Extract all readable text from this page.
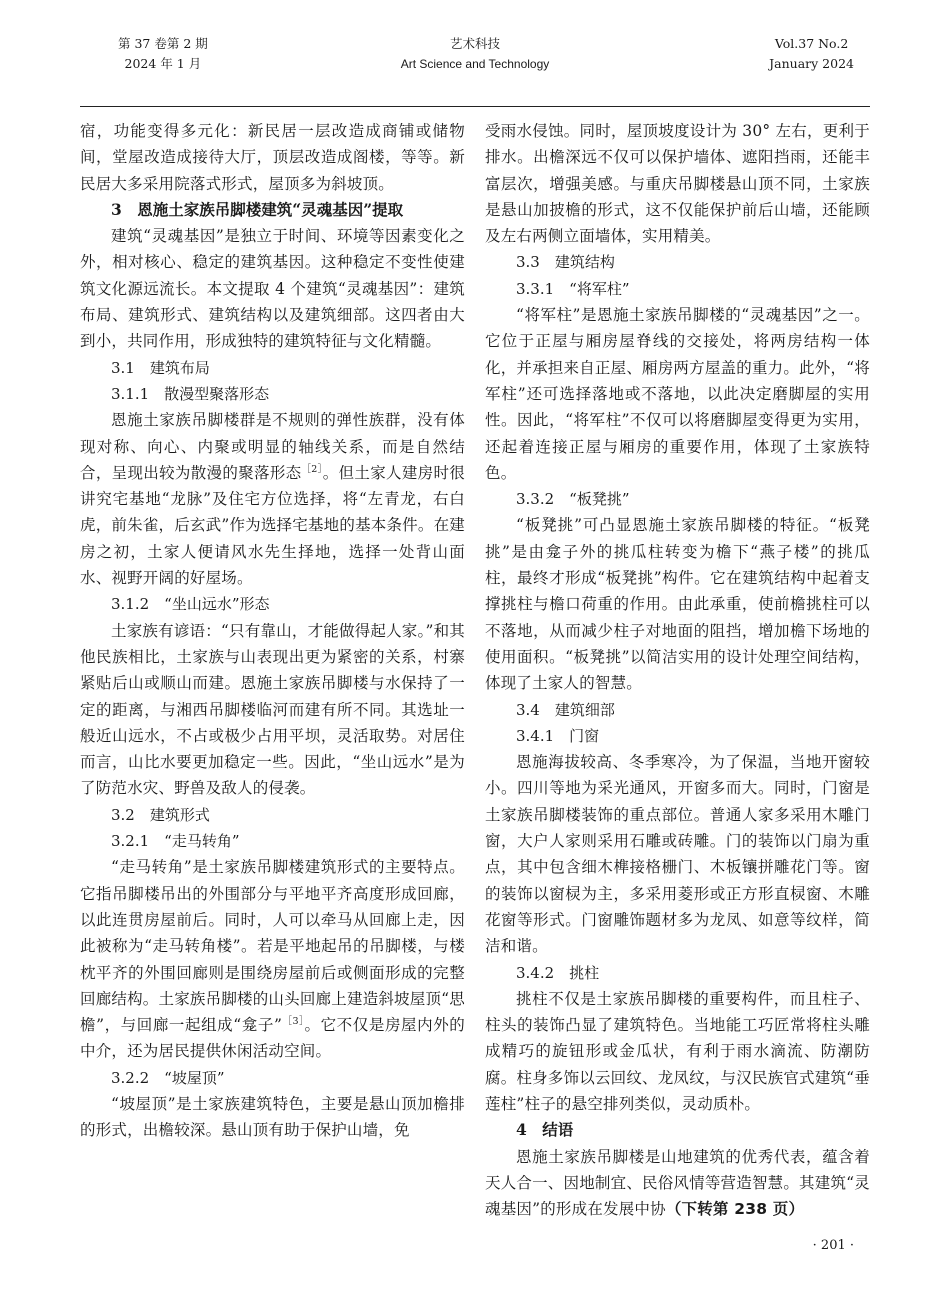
第 37 卷第 2 期
2024 年 1 月
艺术科技
Art Science and Technology
Vol.37 No.2
January 2024

宿，功能变得多元化：新民居一层改造成商铺或储物间，堂屋改造成接待大厅，顶层改造成阁楼，等等。新民居大多采用院落式形式，屋顶多为斜坡顶。

3　恩施土家族吊脚楼建筑“灵魂基因”提取

建筑“灵魂基因”是独立于时间、环境等因素变化之外，相对核心、稳定的建筑基因。这种稳定不变性使建筑文化源远流长。本文提取 4 个建筑“灵魂基因”：建筑布局、建筑形式、建筑结构以及建筑细部。这四者由大到小，共同作用，形成独特的建筑特征与文化精髓。

3.1　建筑布局
3.1.1　散漫型聚落形态

恩施土家族吊脚楼群是不规则的弹性族群，没有体现对称、向心、内聚或明显的轴线关系，而是自然结合，呈现出较为散漫的聚落形态$^{[2]}$。但土家人建房时很讲究宅基地“龙脉”及住宅方位选择，将“左青龙，右白虎，前朱雀，后玄武”作为选择宅基地的基本条件。在建房之初，土家人便请风水先生择地，选择一处背山面水、视野开阔的好屋场。

3.1.2　“坐山远水”形态

土家族有谚语：“只有靠山，才能做得起人家。”和其他民族相比，土家族与山表现出更为紧密的关系，村寨紧贴后山或顺山而建。恩施土家族吊脚楼与水保持了一定的距离，与湘西吊脚楼临河而建有所不同。其选址一般近山远水，不占或极少占用平坝，灵活取势。对居住而言，山比水要更加稳定一些。因此，“坐山远水”是为了防范水灾、野兽及敌人的侵袭。

3.2　建筑形式
3.2.1　“走马转角”

“走马转角”是土家族吊脚楼建筑形式的主要特点。它指吊脚楼吊出的外围部分与平地平齐高度形成回廊，以此连贯房屋前后。同时，人可以牵马从回廊上走，因此被称为“走马转角楼”。若是平地起吊的吊脚楼，与楼枕平齐的外围回廊则是围绕房屋前后或侧面形成的完整回廊结构。土家族吊脚楼的山头回廊上建造斜坡屋顶“思檐”，与回廊一起组成“龛子”$^{[3]}$。它不仅是房屋内外的中介，还为居民提供休闲活动空间。

3.2.2　“坡屋顶”

“坡屋顶”是土家族建筑特色，主要是悬山顶加檐排的形式，出檐较深。悬山顶有助于保护山墙，免

受雨水侵蚀。同时，屋顶坡度设计为 30° 左右，更利于排水。出檐深远不仅可以保护墙体、遮阳挡雨，还能丰富层次，增强美感。与重庆吊脚楼悬山顶不同，土家族是悬山加披檐的形式，这不仅能保护前后山墙，还能顾及左右两侧立面墙体，实用精美。

3.3　建筑结构
3.3.1　“将军柱”

“将军柱”是恩施土家族吊脚楼的“灵魂基因”之一。它位于正屋与厢房屋脊线的交接处，将两房结构一体化，并承担来自正屋、厢房两方屋盖的重力。此外，“将军柱”还可选择落地或不落地，以此决定磨脚屋的实用性。因此，“将军柱”不仅可以将磨脚屋变得更为实用，还起着连接正屋与厢房的重要作用，体现了土家族特色。

3.3.2　“板凳挑”

“板凳挑”可凸显恩施土家族吊脚楼的特征。“板凳挑”是由龛子外的挑瓜柱转变为檐下“燕子楼”的挑瓜柱，最终才形成“板凳挑”构件。它在建筑结构中起着支撑挑柱与檐口荷重的作用。由此承重，使前檐挑柱可以不落地，从而减少柱子对地面的阻挡，增加檐下场地的使用面积。“板凳挑”以简洁实用的设计处理空间结构，体现了土家人的智慧。

3.4　建筑细部
3.4.1　门窗

恩施海拔较高、冬季寒冷，为了保温，当地开窗较小。四川等地为采光通风，开窗多而大。同时，门窗是土家族吊脚楼装饰的重点部位。普通人家多采用木雕门窗，大户人家则采用石雕或砖雕。门的装饰以门扇为重点，其中包含细木榫接格栅门、木板镶拼雕花门等。窗的装饰以窗棂为主，多采用菱形或正方形直棂窗、木雕花窗等形式。门窗雕饰题材多为龙凤、如意等纹样，简洁和谐。

3.4.2　挑柱

挑柱不仅是土家族吊脚楼的重要构件，而且柱子、柱头的装饰凸显了建筑特色。当地能工巧匠常将柱头雕成精巧的旋钮形或金瓜状，有利于雨水滴流、防潮防腐。柱身多饰以云回纹、龙凤纹，与汉民族官式建筑“垂莲柱”柱子的悬空排列类似，灵动质朴。

4　结语

恩施土家族吊脚楼是山地建筑的优秀代表，蕴含着天人合一、因地制宜、民俗风情等营造智慧。其建筑“灵魂基因”的形成在发展中协（下转第 238 页）

· 201 ·
